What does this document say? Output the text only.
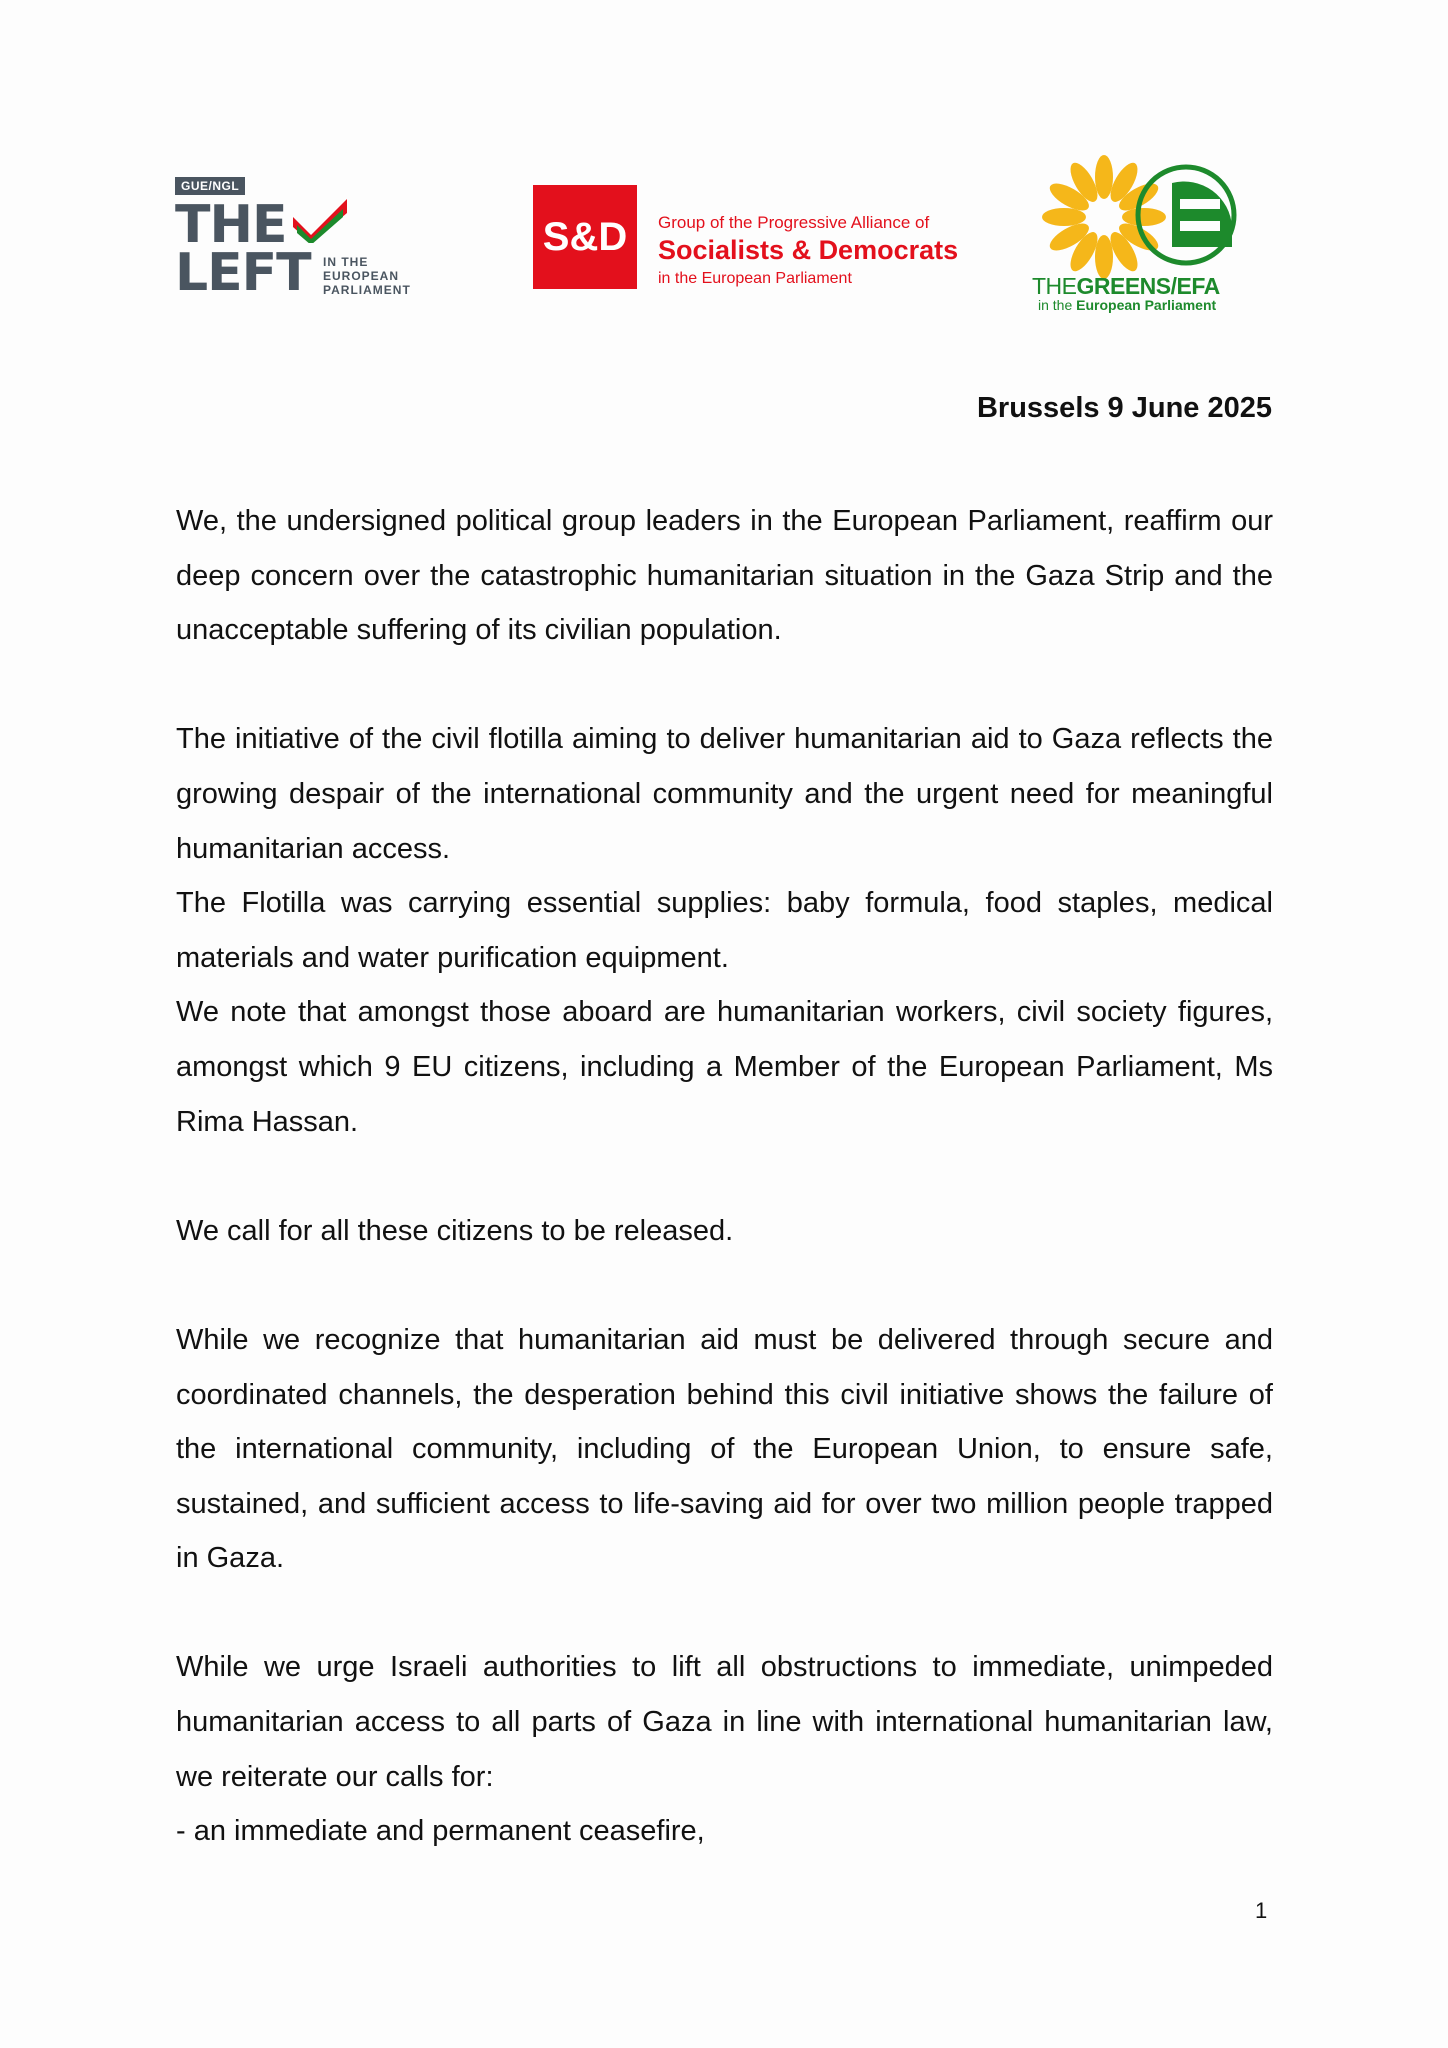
GUE/NGL
THE
LEFT IN THE
EUROPEAN
PARLIAMENT
S&D	Group of the Progressive Alliance of
Socialists & Democrats
in the European Parliament	THEGREENS/EFA
in the European Parliament
Brussels 9 June 2025

We, the undersigned political group leaders in the European Parliament, reaffirm our deep concern over the catastrophic humanitarian situation in the Gaza Strip and the unacceptable suffering of its civilian population.

The initiative of the civil flotilla aiming to deliver humanitarian aid to Gaza reflects the growing despair of the international community and the urgent need for meaningful humanitarian access.

The Flotilla was carrying essential supplies: baby formula, food staples, medical materials and water purification equipment.

We note that amongst those aboard are humanitarian workers, civil society figures, amongst which 9 EU citizens, including a Member of the European Parliament, Ms Rima Hassan.

We call for all these citizens to be released.

While we recognize that humanitarian aid must be delivered through secure and coordinated channels, the desperation behind this civil initiative shows the failure of the international community, including of the European Union, to ensure safe, sustained, and sufficient access to life-saving aid for over two million people trapped in Gaza.

While we urge Israeli authorities to lift all obstructions to immediate, unimpeded humanitarian access to all parts of Gaza in line with international humanitarian law, we reiterate our calls for:

- an immediate and permanent ceasefire,

1
